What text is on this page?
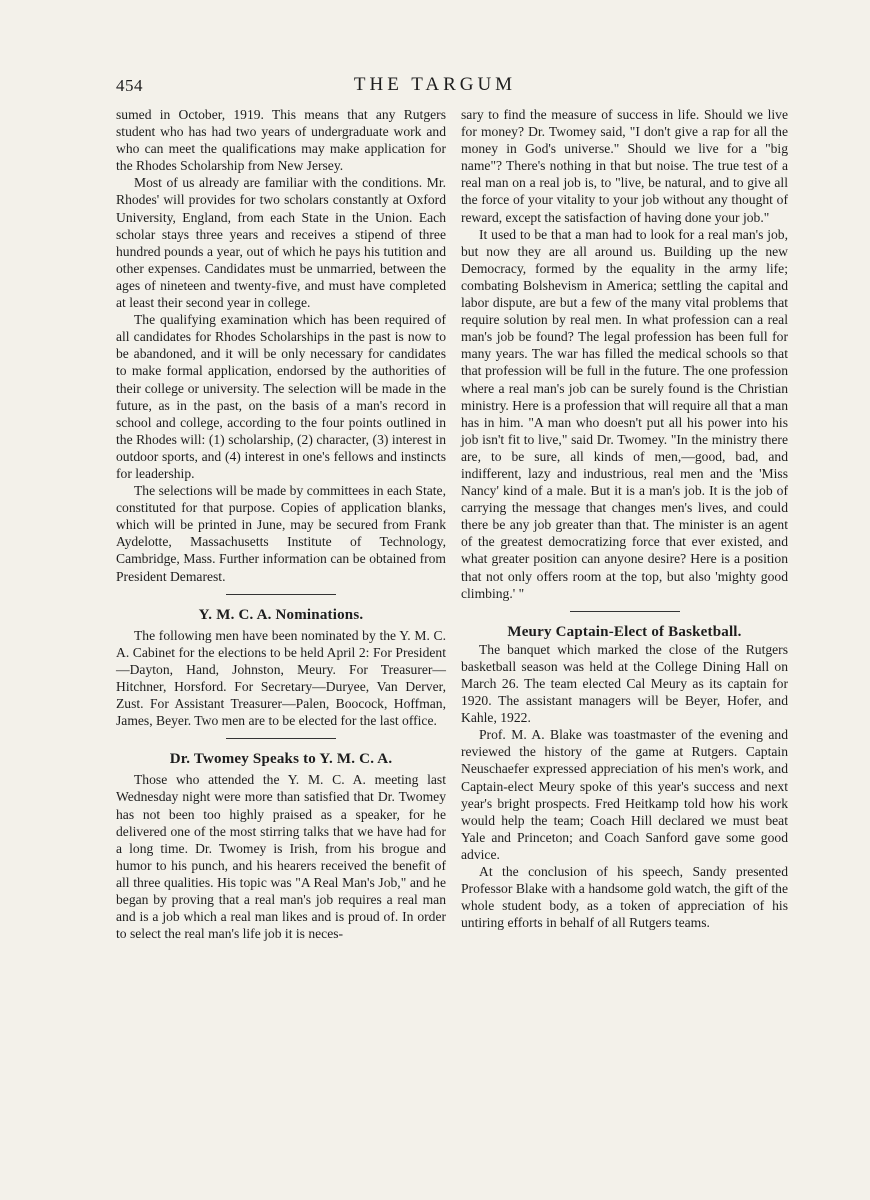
454	THE TARGUM

sumed in October, 1919. This means that any Rutgers student who has had two years of undergraduate work and who can meet the qualifications may make application for the Rhodes Scholarship from New Jersey.

Most of us already are familiar with the conditions. Mr. Rhodes' will provides for two scholars constantly at Oxford University, England, from each State in the Union. Each scholar stays three years and receives a stipend of three hundred pounds a year, out of which he pays his tutition and other expenses. Candidates must be unmarried, between the ages of nineteen and twenty-five, and must have completed at least their second year in college.

The qualifying examination which has been required of all candidates for Rhodes Scholarships in the past is now to be abandoned, and it will be only necessary for candidates to make formal application, endorsed by the authorities of their college or university. The selection will be made in the future, as in the past, on the basis of a man's record in school and college, according to the four points outlined in the Rhodes will: (1) scholarship, (2) character, (3) interest in outdoor sports, and (4) interest in one's fellows and instincts for leadership.

The selections will be made by committees in each State, constituted for that purpose. Copies of application blanks, which will be printed in June, may be secured from Frank Aydelotte, Massachusetts Institute of Technology, Cambridge, Mass. Further information can be obtained from President Demarest.

Y. M. C. A. Nominations.

The following men have been nominated by the Y. M. C. A. Cabinet for the elections to be held April 2: For President—Dayton, Hand, Johnston, Meury. For Treasurer—Hitchner, Horsford. For Secretary—Duryee, Van Derver, Zust. For Assistant Treasurer—Palen, Boocock, Hoffman, James, Beyer. Two men are to be elected for the last office.

Dr. Twomey Speaks to Y. M. C. A.

Those who attended the Y. M. C. A. meeting last Wednesday night were more than satisfied that Dr. Twomey has not been too highly praised as a speaker, for he delivered one of the most stirring talks that we have had for a long time. Dr. Twomey is Irish, from his brogue and humor to his punch, and his hearers received the benefit of all three qualities. His topic was "A Real Man's Job," and he began by proving that a real man's job requires a real man and is a job which a real man likes and is proud of. In order to select the real man's life job it is neces-

sary to find the measure of success in life. Should we live for money? Dr. Twomey said, "I don't give a rap for all the money in God's universe." Should we live for a "big name"? There's nothing in that but noise. The true test of a real man on a real job is, to "live, be natural, and to give all the force of your vitality to your job without any thought of reward, except the satisfaction of having done your job."

It used to be that a man had to look for a real man's job, but now they are all around us. Building up the new Democracy, formed by the equality in the army life; combating Bolshevism in America; settling the capital and labor dispute, are but a few of the many vital problems that require solution by real men. In what profession can a real man's job be found? The legal profession has been full for many years. The war has filled the medical schools so that that profession will be full in the future. The one profession where a real man's job can be surely found is the Christian ministry. Here is a profession that will require all that a man has in him. "A man who doesn't put all his power into his job isn't fit to live," said Dr. Twomey. "In the ministry there are, to be sure, all kinds of men,—good, bad, and indifferent, lazy and industrious, real men and the 'Miss Nancy' kind of a male. But it is a man's job. It is the job of carrying the message that changes men's lives, and could there be any job greater than that. The minister is an agent of the greatest democratizing force that ever existed, and what greater position can anyone desire? Here is a position that not only offers room at the top, but also 'mighty good climbing.' "

Meury Captain-Elect of Basketball.

The banquet which marked the close of the Rutgers basketball season was held at the College Dining Hall on March 26. The team elected Cal Meury as its captain for 1920. The assistant managers will be Beyer, Hofer, and Kahle, 1922.

Prof. M. A. Blake was toastmaster of the evening and reviewed the history of the game at Rutgers. Captain Neuschaefer expressed appreciation of his men's work, and Captain-elect Meury spoke of this year's success and next year's bright prospects. Fred Heitkamp told how his work would help the team; Coach Hill declared we must beat Yale and Princeton; and Coach Sanford gave some good advice.

At the conclusion of his speech, Sandy presented Professor Blake with a handsome gold watch, the gift of the whole student body, as a token of appreciation of his untiring efforts in behalf of all Rutgers teams.
